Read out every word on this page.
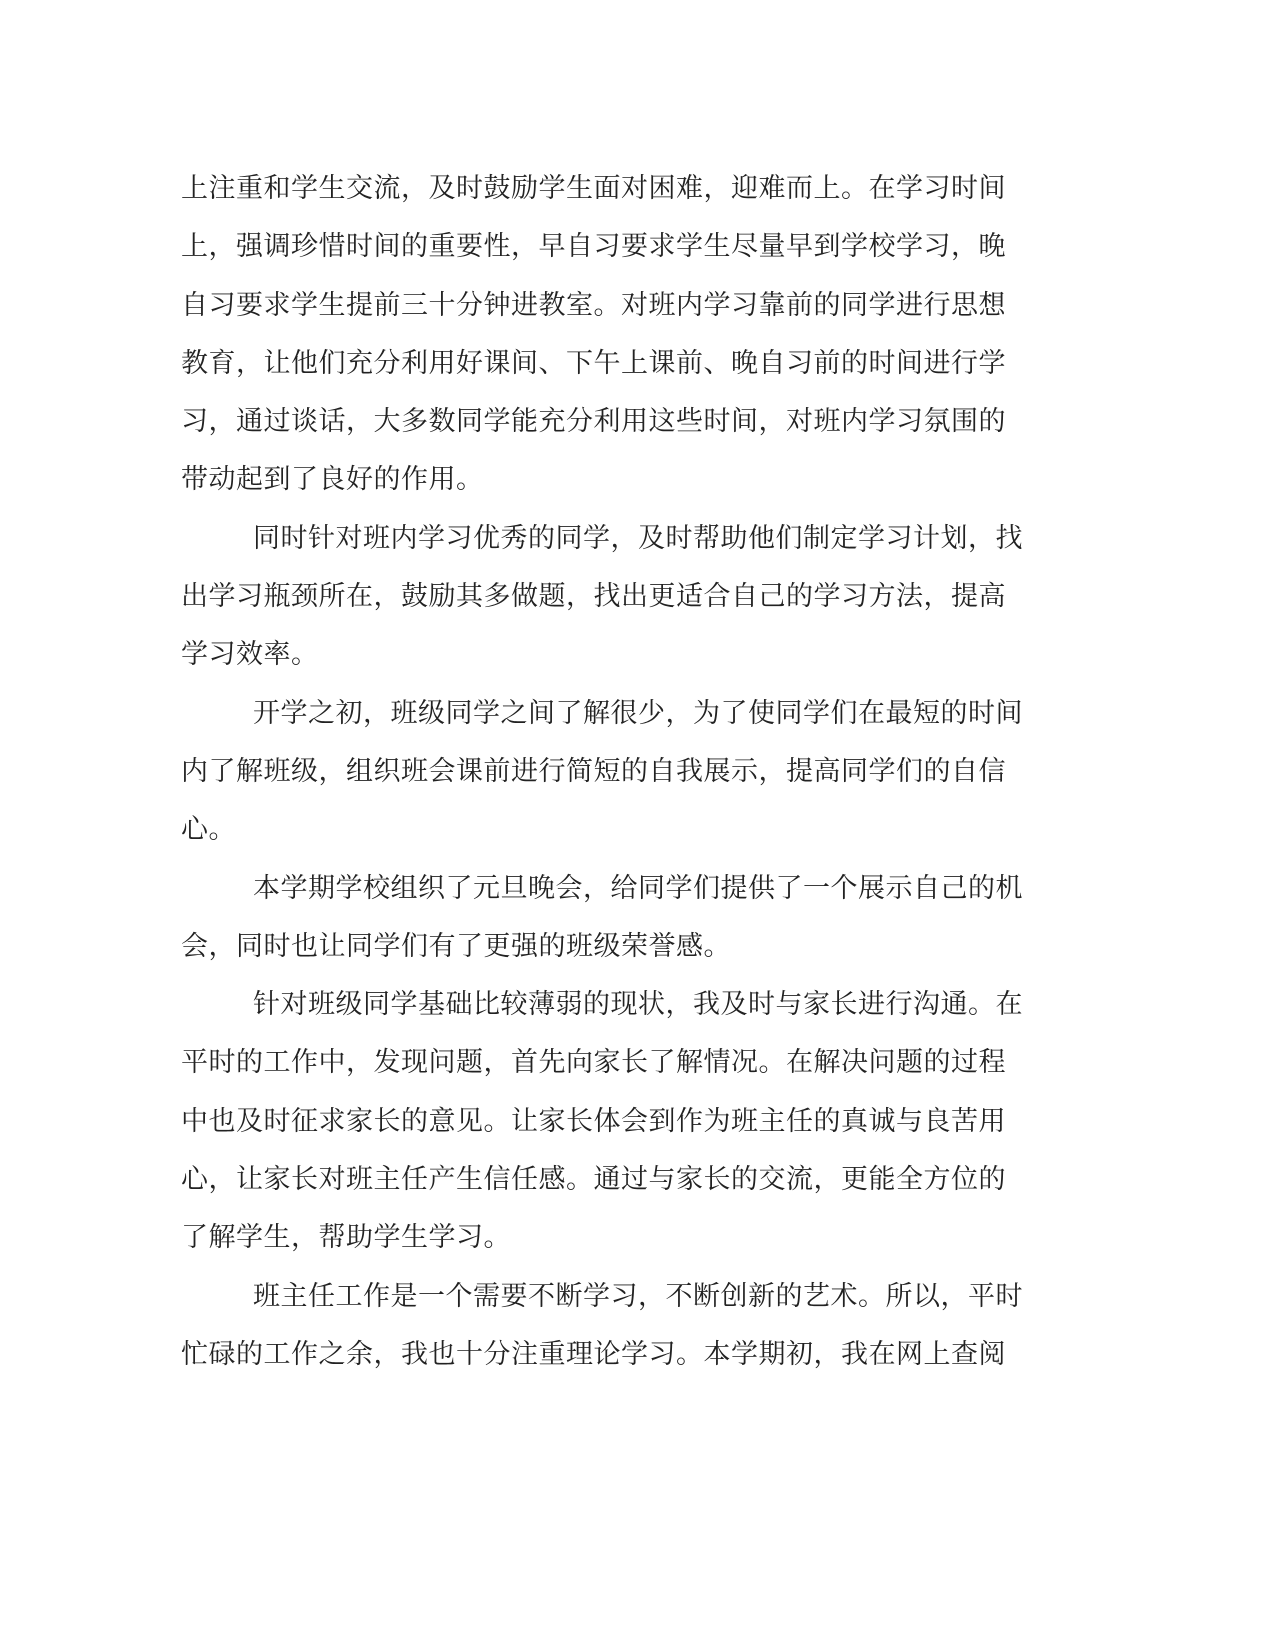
上注重和学生交流，及时鼓励学生面对困难，迎难而上。在学习时间
上，强调珍惜时间的重要性，早自习要求学生尽量早到学校学习，晚
自习要求学生提前三十分钟进教室。对班内学习靠前的同学进行思想
教育，让他们充分利用好课间、下午上课前、晚自习前的时间进行学
习，通过谈话，大多数同学能充分利用这些时间，对班内学习氛围的
带动起到了良好的作用。
同时针对班内学习优秀的同学，及时帮助他们制定学习计划，找
出学习瓶颈所在，鼓励其多做题，找出更适合自己的学习方法，提高
学习效率。
开学之初，班级同学之间了解很少，为了使同学们在最短的时间
内了解班级，组织班会课前进行简短的自我展示，提高同学们的自信
心。
本学期学校组织了元旦晚会，给同学们提供了一个展示自己的机
会，同时也让同学们有了更强的班级荣誉感。
针对班级同学基础比较薄弱的现状，我及时与家长进行沟通。在
平时的工作中，发现问题，首先向家长了解情况。在解决问题的过程
中也及时征求家长的意见。让家长体会到作为班主任的真诚与良苦用
心，让家长对班主任产生信任感。通过与家长的交流，更能全方位的
了解学生，帮助学生学习。
班主任工作是一个需要不断学习，不断创新的艺术。所以，平时
忙碌的工作之余，我也十分注重理论学习。本学期初，我在网上查阅
